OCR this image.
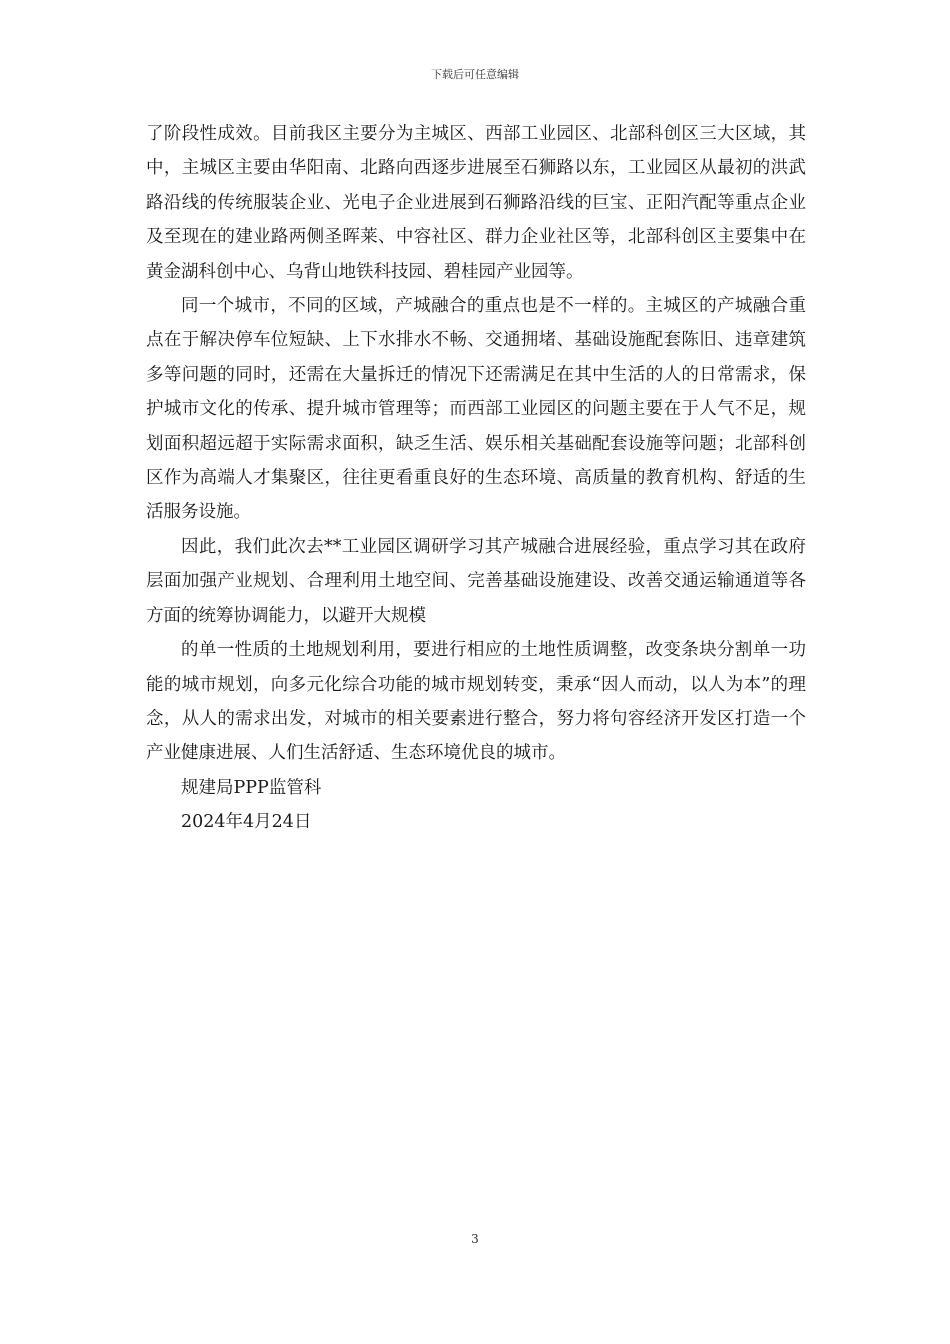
下载后可任意编辑

了阶段性成效。目前我区主要分为主城区、西部工业园区、北部科创区三大区域，其中，主城区主要由华阳南、北路向西逐步进展至石狮路以东，工业园区从最初的洪武路沿线的传统服装企业、光电子企业进展到石狮路沿线的巨宝、正阳汽配等重点企业及至现在的建业路两侧圣晖莱、中容社区、群力企业社区等，北部科创区主要集中在黄金湖科创中心、乌背山地铁科技园、碧桂园产业园等。

同一个城市，不同的区域，产城融合的重点也是不一样的。主城区的产城融合重点在于解决停车位短缺、上下水排水不畅、交通拥堵、基础设施配套陈旧、违章建筑多等问题的同时，还需在大量拆迁的情况下还需满足在其中生活的人的日常需求，保护城市文化的传承、提升城市管理等；而西部工业园区的问题主要在于人气不足，规划面积超远超于实际需求面积，缺乏生活、娱乐相关基础配套设施等问题；北部科创区作为高端人才集聚区，往往更看重良好的生态环境、高质量的教育机构、舒适的生活服务设施。

因此，我们此次去**工业园区调研学习其产城融合进展经验，重点学习其在政府层面加强产业规划、合理利用土地空间、完善基础设施建设、改善交通运输通道等各方面的统筹协调能力，以避开大规模

的单一性质的土地规划利用，要进行相应的土地性质调整，改变条块分割单一功能的城市规划，向多元化综合功能的城市规划转变，秉承“因人而动，以人为本”的理念，从人的需求出发，对城市的相关要素进行整合，努力将句容经济开发区打造一个产业健康进展、人们生活舒适、生态环境优良的城市。

规建局PPP监管科

2024年4月24日

3
